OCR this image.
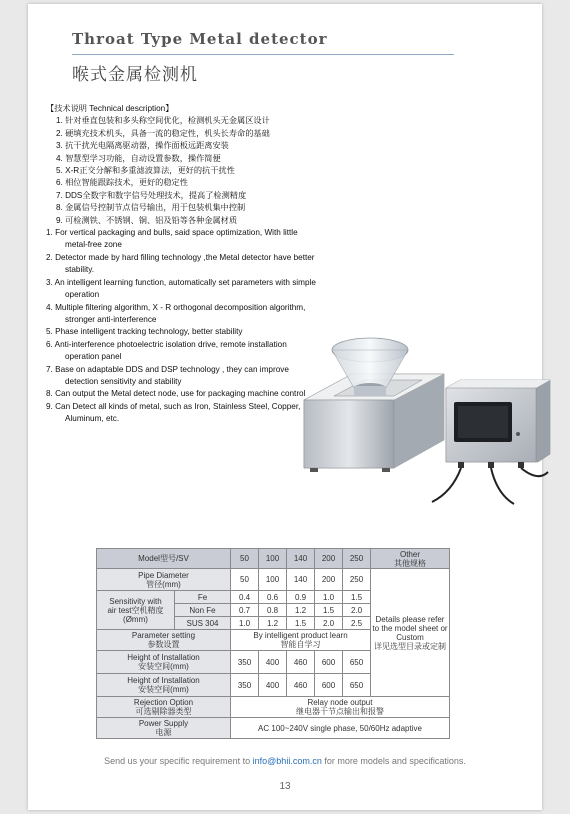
Throat Type Metal detector
喉式金属检测机

【技术说明 Technical description】

1. 针对垂直包装和多头称空间优化，检测机头无金属区设计

2. 硬填充技术机头，具备一流的稳定性，机头长寿命的基础

3. 抗干扰光电隔离驱动器，操作面板远距离安装

4. 智慧型学习功能，自动设置参数，操作简便

5. X-R正交分解和多重滤波算法，更好的抗干扰性

6. 相位智能跟踪技术，更好的稳定性

7. DDS全数字和数字信号处理技术，提高了检测精度

8. 金属信号控制节点信号输出，用于包装机集中控制

9. 可检测铁、不锈钢、铜、铝及铅等各种金属材质

1. For vertical packaging and bulls, said space optimization, With little metal-free zone

2. Detector made by hard filling technology ,the Metal detector have better stability.

3. An intelligent learning function, automatically set parameters with simple operation

4. Multiple filtering algorithm, X - R orthogonal decomposition algorithm, stronger anti-interference

5. Phase intelligent tracking technology, better stability

6. Anti-interference photoelectric isolation drive, remote installation operation panel

7. Base on adaptable DDS and DSP technology , they can improve detection sensitivity and stability

8. Can output the Metal detect node, use for packaging machine control

9. Can Detect all kinds of metal, such as Iron, Stainless Steel, Copper, Aluminum, etc.

Model型号/SV		50	100	140	200	250	Other
其他规格
Pipe Diameter
管径(mm)		50	100	140	200	250	Details please refer to the model sheet or Custom
详见选型目录或定制
Sensitivity with
air test空机精度
(Ømm)	Fe	0.4	0.6	0.9	1.0	1.5	
	Non Fe	0.7	0.8	1.2	1.5	2.0	
	SUS 304	1.0	1.2	1.5	2.0	2.5	
Parameter setting
参数设置		By intelligent product learn
智能自学习					
Height of Installation
安装空间(mm)		350	400	460	600	650	
Height of Installation
安装空间(mm)		350	400	460	600	650	
Rejection Option
可选剔除器类型		Relay node output
继电器干节点输出和报警					
Power Supply
电源		AC 100~240V single phase, 50/60Hz adaptive					
Send us your specific requirement to info@bhii.com.cn for more models and specifications.
13
